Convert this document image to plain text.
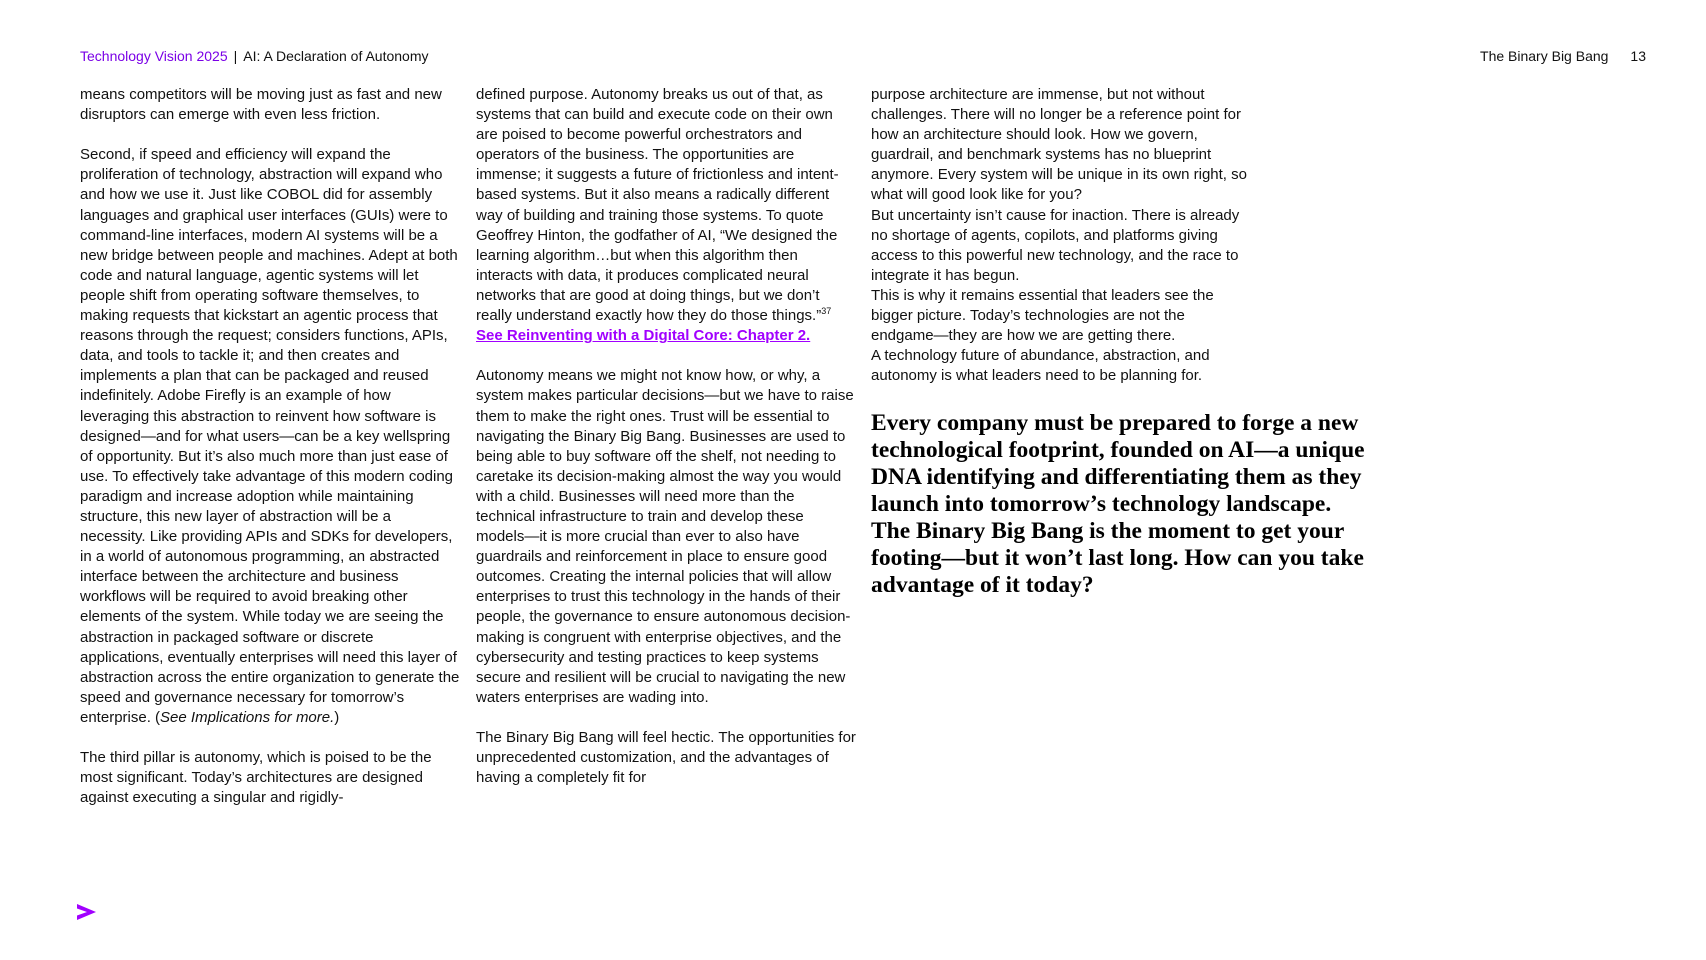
Technology Vision 2025 | AI: A Declaration of Autonomy	The Binary Big Bang 13

means competitors will be moving just as fast and new disruptors can emerge with even less friction.

Second, if speed and efficiency will expand the proliferation of technology, abstraction will expand who and how we use it. Just like COBOL did for assembly languages and graphical user interfaces (GUIs) were to command-line interfaces, modern AI systems will be a new bridge between people and machines. Adept at both code and natural language, agentic systems will let people shift from operating software themselves, to making requests that kickstart an agentic process that reasons through the request; considers functions, APIs, data, and tools to tackle it; and then creates and implements a plan that can be packaged and reused indefinitely. Adobe Firefly is an example of how leveraging this abstraction to reinvent how software is designed—and for what users—can be a key wellspring of opportunity. But it’s also much more than just ease of use. To effectively take advantage of this modern coding paradigm and increase adoption while maintaining structure, this new layer of abstraction will be a necessity. Like providing APIs and SDKs for developers, in a world of autonomous programming, an abstracted interface between the architecture and business workflows will be required to avoid breaking other elements of the system. While today we are seeing the abstraction in packaged software or discrete applications, eventually enterprises will need this layer of abstraction across the entire organization to generate the speed and governance necessary for tomorrow’s enterprise. (See Implications for more.)

The third pillar is autonomy, which is poised to be the most significant. Today’s architectures are designed against executing a singular and rigidly-

defined purpose. Autonomy breaks us out of that, as systems that can build and execute code on their own are poised to become powerful orchestrators and operators of the business. The opportunities are immense; it suggests a future of frictionless and intent-based systems. But it also means a radically different way of building and training those systems. To quote Geoffrey Hinton, the godfather of AI, “We designed the learning algorithm…but when this algorithm then interacts with data, it produces complicated neural networks that are good at doing things, but we don’t really understand exactly how they do those things.”$^{37}$ See Reinventing with a Digital Core: Chapter 2.

Autonomy means we might not know how, or why, a system makes particular decisions—but we have to raise them to make the right ones. Trust will be essential to navigating the Binary Big Bang. Businesses are used to being able to buy software off the shelf, not needing to caretake its decision-making almost the way you would with a child. Businesses will need more than the technical infrastructure to train and develop these models—it is more crucial than ever to also have guardrails and reinforcement in place to ensure good outcomes. Creating the internal policies that will allow enterprises to trust this technology in the hands of their people, the governance to ensure autonomous decision-making is congruent with enterprise objectives, and the cybersecurity and testing practices to keep systems secure and resilient will be crucial to navigating the new waters enterprises are wading into.

The Binary Big Bang will feel hectic. The opportunities for unprecedented customization, and the advantages of having a completely fit for

purpose architecture are immense, but not without challenges. There will no longer be a reference point for how an architecture should look. How we govern, guardrail, and benchmark systems has no blueprint anymore. Every system will be unique in its own right, so what will good look like for you?

But uncertainty isn’t cause for inaction. There is already no shortage of agents, copilots, and platforms giving access to this powerful new technology, and the race to integrate it has begun.

This is why it remains essential that leaders see the bigger picture. Today’s technologies are not the endgame—they are how we are getting there.

A technology future of abundance, abstraction, and autonomy is what leaders need to be planning for.

Every company must be prepared to forge a new technological footprint, founded on AI—a unique DNA identifying and differentiating them as they launch into tomorrow’s technology landscape. The Binary Big Bang is the moment to get your footing—but it won’t last long. How can you take advantage of it today?
